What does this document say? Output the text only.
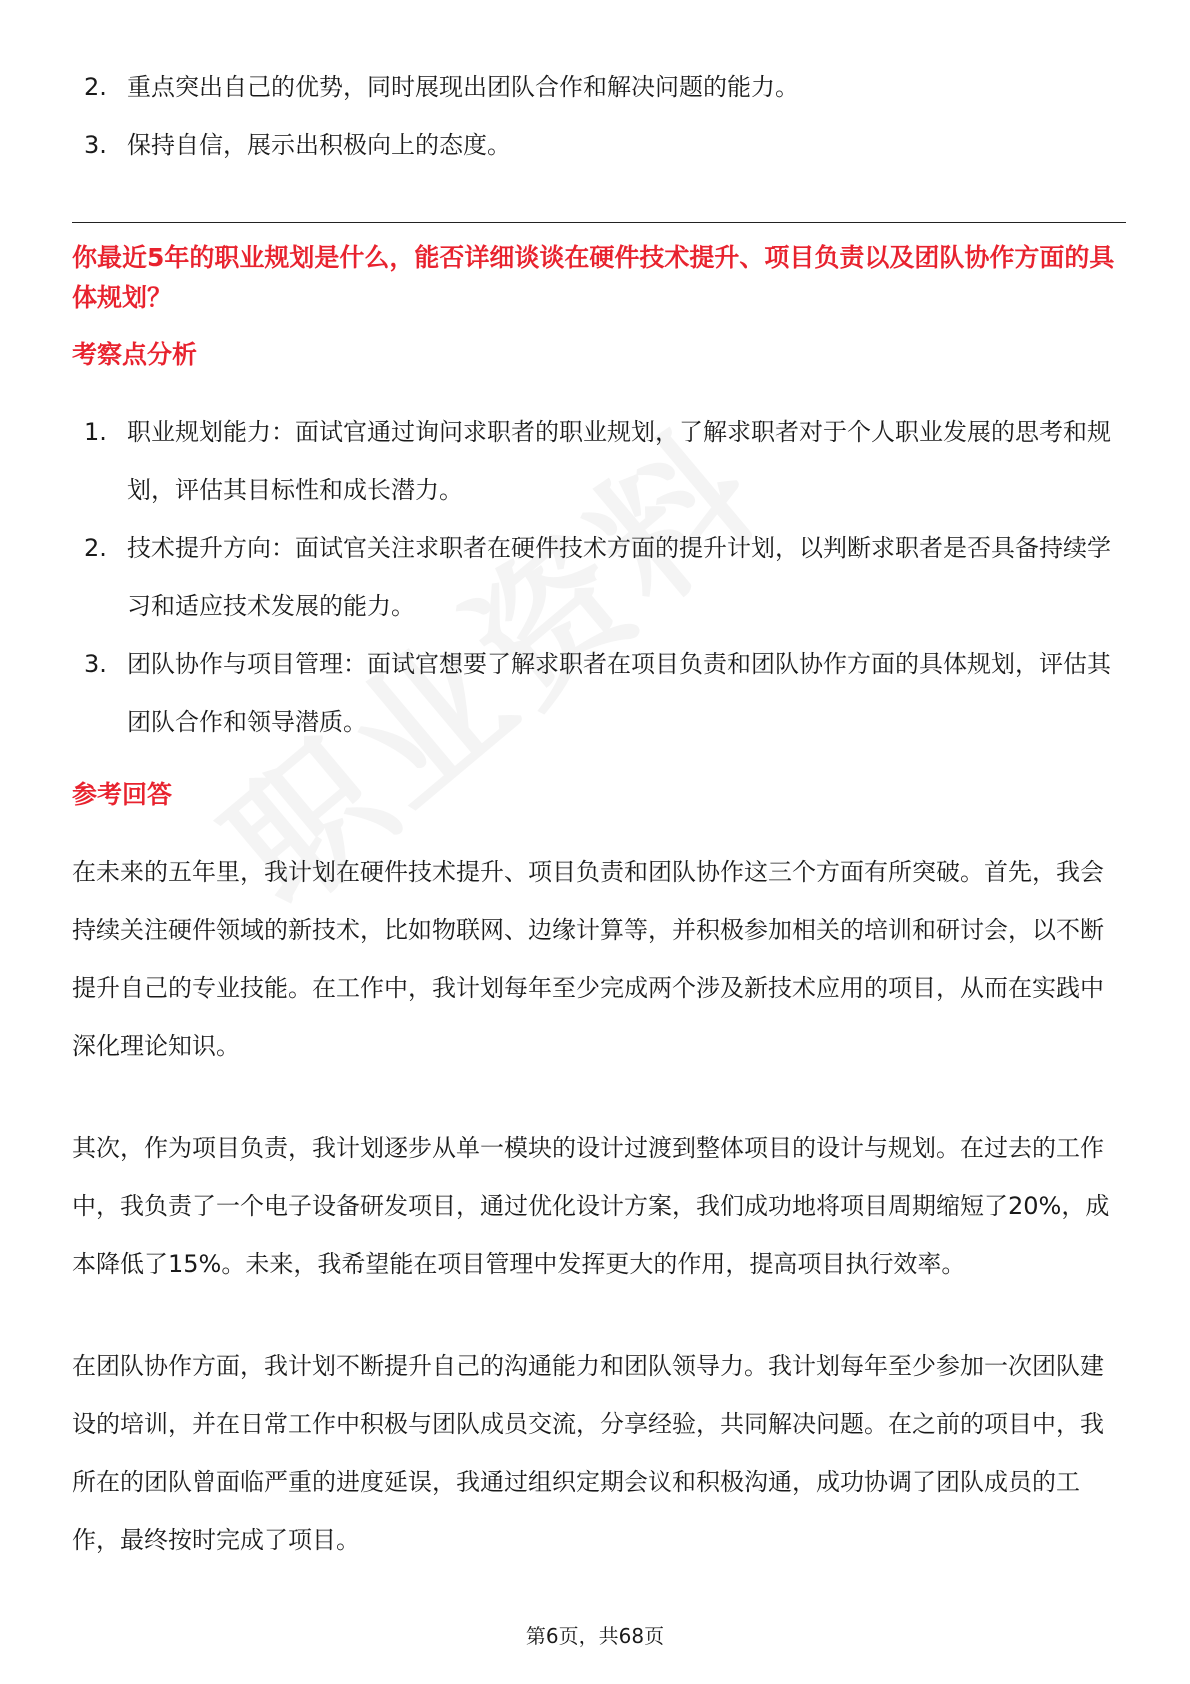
2. 重点突出自己的优势，同时展现出团队合作和解决问题的能力。
3. 保持自信，展示出积极向上的态度。
你最近5年的职业规划是什么，能否详细谈谈在硬件技术提升、项目负责以及团队协作方面的具体规划？
考察点分析
1. 职业规划能力：面试官通过询问求职者的职业规划，了解求职者对于个人职业发展的思考和规划，评估其目标性和成长潜力。
2. 技术提升方向：面试官关注求职者在硬件技术方面的提升计划，以判断求职者是否具备持续学习和适应技术发展的能力。
3. 团队协作与项目管理：面试官想要了解求职者在项目负责和团队协作方面的具体规划，评估其团队合作和领导潜质。
参考回答

在未来的五年里，我计划在硬件技术提升、项目负责和团队协作这三个方面有所突破。首先，我会持续关注硬件领域的新技术，比如物联网、边缘计算等，并积极参加相关的培训和研讨会，以不断提升自己的专业技能。在工作中，我计划每年至少完成两个涉及新技术应用的项目，从而在实践中深化理论知识。

其次，作为项目负责，我计划逐步从单一模块的设计过渡到整体项目的设计与规划。在过去的工作中，我负责了一个电子设备研发项目，通过优化设计方案，我们成功地将项目周期缩短了20%，成本降低了15%。未来，我希望能在项目管理中发挥更大的作用，提高项目执行效率。

在团队协作方面，我计划不断提升自己的沟通能力和团队领导力。我计划每年至少参加一次团队建设的培训，并在日常工作中积极与团队成员交流，分享经验，共同解决问题。在之前的项目中，我所在的团队曾面临严重的进度延误，我通过组织定期会议和积极沟通，成功协调了团队成员的工作，最终按时完成了项目。

第6页，共68页
